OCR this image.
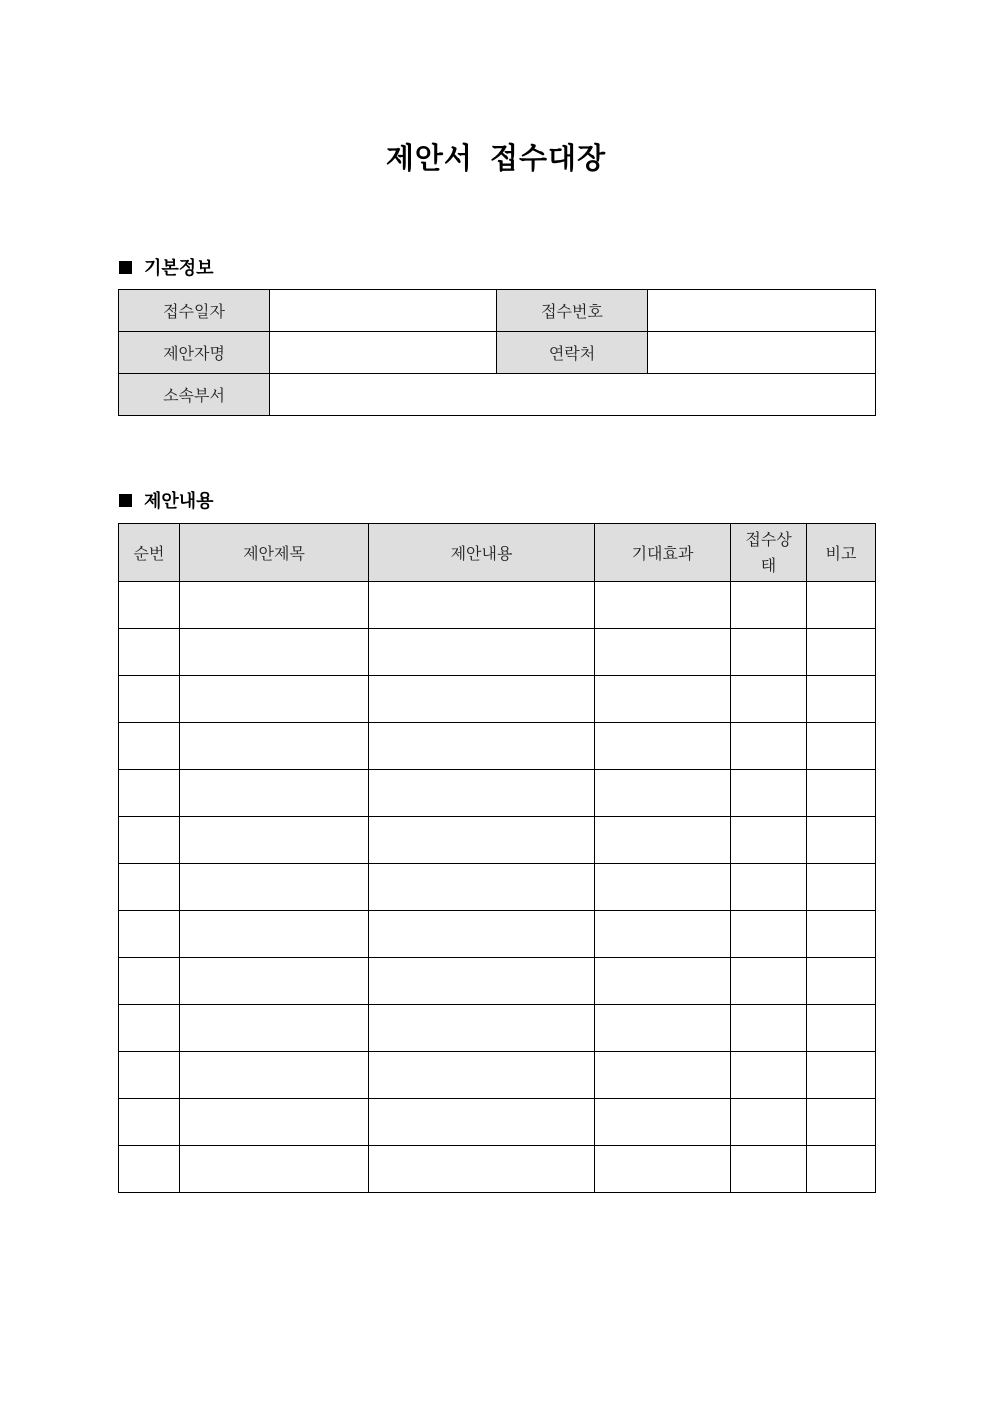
제안서 접수대장
기본정보
접수일자		접수번호	
제안자명		연락처	
소속부서			
제안내용
순번	제안제목	제안내용	기대효과	접수상태	비고
